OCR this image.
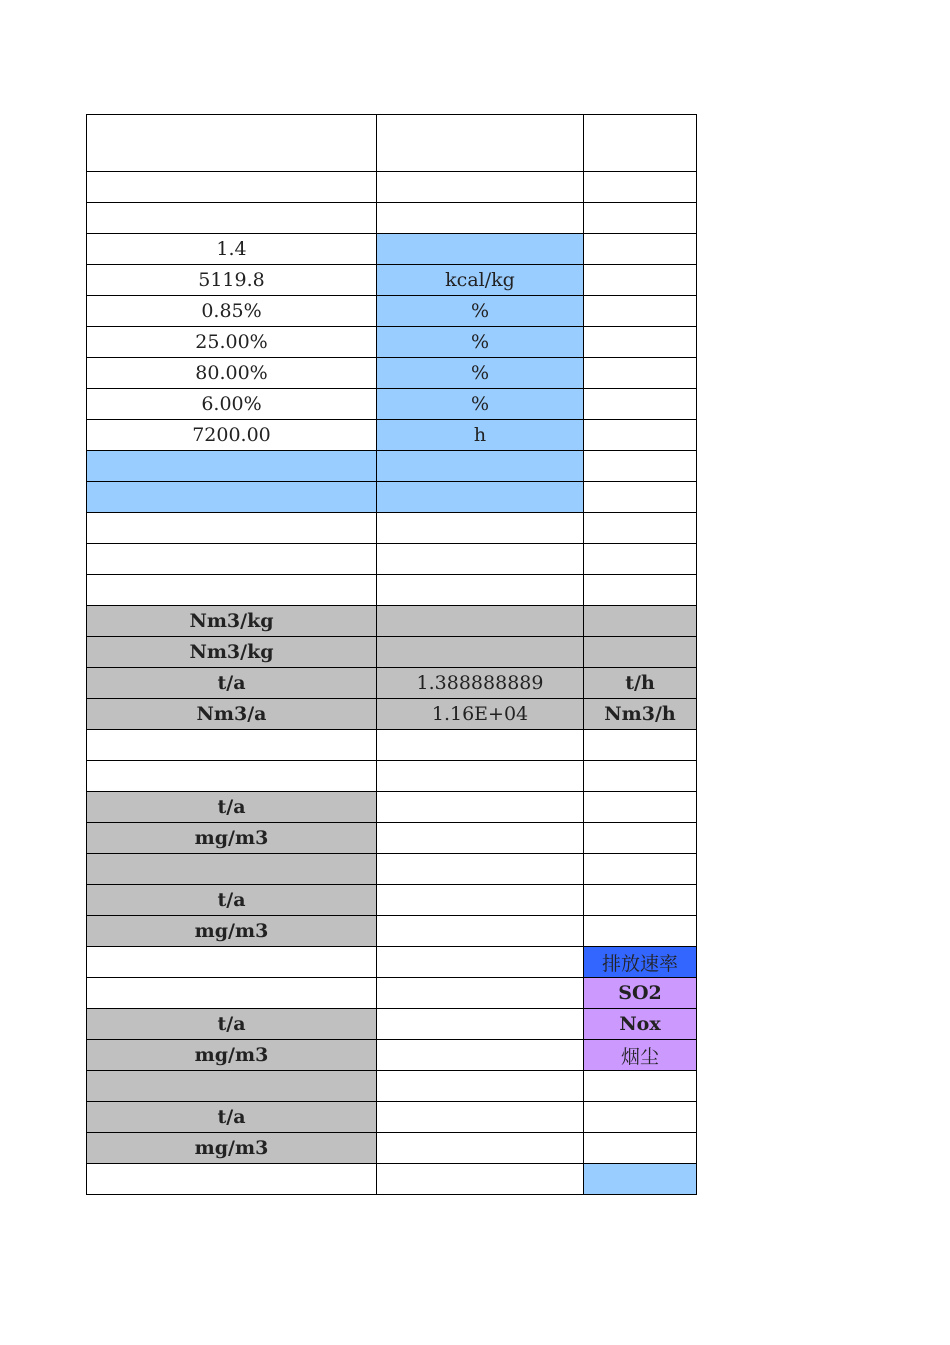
1.4		
5119.8	kcal/kg	
0.85%	%	
25.00%	%	
80.00%	%	
6.00%	%	
7200.00	h	

Nm3/kg		
Nm3/kg		
t/a	1.388888889	t/h
Nm3/a	1.16E+04	Nm3/h

t/a		
mg/m3		

t/a		
mg/m3		
		排放速率
		SO2
t/a		Nox
mg/m3		烟尘

t/a		
mg/m3		
